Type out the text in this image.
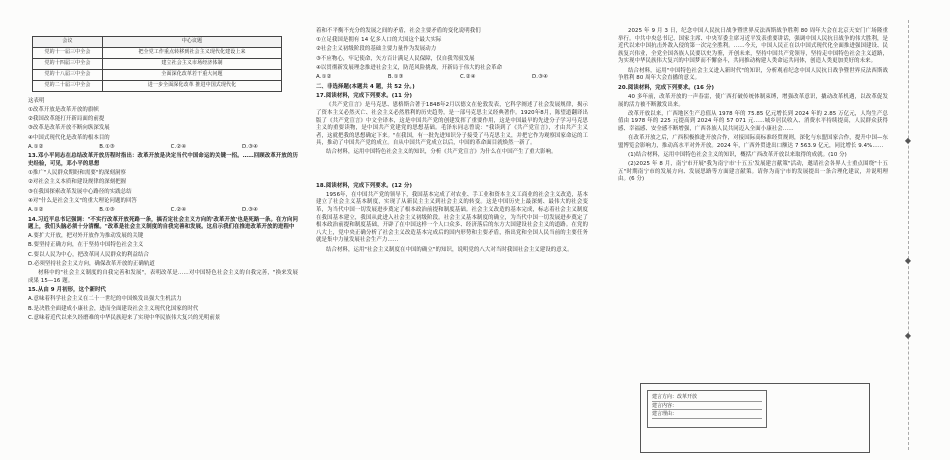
会议	中心议题
党的十一届三中全会	把全党工作重点转移到社会主义现代化建设上来
党的十四届三中全会	建立社会主义市场经济体制
党的十八届三中全会	全面深化改革若干重大问题
党的二十届三中全会	进一步全面深化改革 推进中国式现代化
这表明
①改革开放是改革开放的旗帜
②我国改革能打开新局面的前提
③改革是改革开放不断向纵深发展
④中国式现代化是改革的根本目的
A.①②	B.①③	C.②④	D.③④
13.邓小平同志在总结改革开放历程时指出：改革开放是决定当代中国命运的关键一招。……回顾改革开放的历史经验，可见，邓小平的思想
①推广"人民群众期盼和需要"的深刻洞察
②对社会主义本质和建设规律的深刻把握
③在我国探索改革发展中心路径的实践总结
④对"什么是社会主义"的重大理论问题的回答
A.①②	B.①③	C.②④	D.③④
14.习近平总书记强调："不实行改革开放死路一条，搞否定社会主义方向的'改革开放'也是死路一条。在方向问题上，我们头脑必须十分清醒。"改革是社会主义制度的自我完善和发展。这启示我们在推进改革开放的进程中
A.要扩大开放，把对外开放作为推动发展的关键
B.要坚持正确方向，在于坚持中国特色社会主义
C.要以人民为中心，把改革同人民群众的利益结合
D.必须坚持社会主义方向，确保改革开放的正确轨道
材料中的"社会主义制度的自我完善和发展"，表明改革是……对中国特色社会主义的自我完善，"换来发展成果 15—16 题。
15.从由 9 月初形，这个新时代
A.意味着科学社会主义在二十一世纪的中国焕发出强大生机活力
B.是决胜全面建成小康社会，进而全面建设社会主义现代化国家的时代
C.意味着近代以来久经磨难的中华民族迎来了实现中华民族伟大复兴的光明前景
着和不平衡不充分的发展之间的矛盾，社会主要矛盾的变化说明我们
①立足我国是拥有 14 亿多人口的大国这个最大实际
②社会主义初级阶段的基础主要力量作为发展动力
③不应物心，牢记使命，矢方百计满足人民保障，仅自我驾驭发展
④以贯彻新发展理念推进社会主义，防范风险挑战，开新局于伟大的社会革命
A.①②	B.①③	C.②④	D.③④
二、非选择题(本题共 4 题，共 52 分。)
17.阅读材料，完成下列要求。(11 分)
《共产党宣言》是马克思、恩格斯合著于1848年2月以德文在伦敦发表，它科学阐述了社会发展规律，揭示了资本主义必然灭亡、社会主义必然胜利的历史趋势，是一部马克思主义经典著作。1920年8月，陈望道翻译出版了《共产党宣言》中文全译本，这是中国共产党的创建发挥了重要作用，这是中国最早的先进分子学习马克思主义的重要读物，是中国共产党建党的思想基础。毛泽东同志曾说："我读到了《共产党宣言》，才由共产主义者，这就把我的思想确定下来。"在我国，有一批先进知识分子接受了马克思主义，并把它作为观察国家命运的工具，推动了中国共产党的成立。自从中国共产党成立以后，中国的革命面目就焕然一新了。
结合材料，运用中国特色社会主义的知识，分析《共产党宣言》为什么在中国产生了重大影响。
18.阅读材料，完成下列要求。(12 分)
1956年，在中国共产党的领导下，我国基本完成了对农业、手工业和资本主义工商业的社会主义改造，基本建立了社会主义基本制度，实现了从新民主主义到社会主义的转变。这是中国历史上最深刻、最伟大的社会变革，为当代中国一切发展进步奠定了根本政治前提和制度基础。社会主义改造的基本完成，标志着社会主义制度在我国基本建立，我国从此进入社会主义初级阶段。社会主义基本制度的确立，为当代中国一切发展进步奠定了根本政治前提和制度基础，开辟了在中国这样一个人口众多、经济落后的东方大国建设社会主义的道路。在党的八大上，党中央正确分析了社会主义改造基本完成后的国内形势和主要矛盾，指出党和全国人民当前的主要任务就是集中力量发展社会生产力……
结合材料，运用"社会主义制度在中国的确立"的知识，说明党的八大对当时我国社会主义建设的意义。
2025 年 9 月 3 日，纪念中国人民抗日战争暨世界反法西斯战争胜利 80 周年大会在北京天安门广场隆重举行。中共中央总书记、国家主席、中央军委主席习近平发表重要讲话，强调中国人民抗日战争的伟大胜利，是近代以来中国抗击外敌入侵的第一次完全胜利。……今天，中国人民正在以中国式现代化全面推进强国建设、民族复兴伟业，全党全国各族人民要以史为鉴，开创未来，坚持中国共产党领导，坚持走中国特色社会主义道路，为实现中华民族伟大复兴的中国梦而不懈奋斗，共同推动构建人类命运共同体，创造人类更加美好的未来。
结合材料，运用"中国特色社会主义进入新时代"的知识，分析观看纪念中国人民抗日战争暨世界反法西斯战争胜利 80 周年大会直播的意义。
20.阅读材料，完成下列要求。(16 分)
40 多年前，改革开放的一声春雷，使广西打破传统体制束缚，增强改革意识，撬动改革机遇，以改革促发展的活力被不断激发出来。
改革开放以来，广西地区生产总值从 1978 年的 75.85 亿元增长到 2024 年的 2.85 万亿元，人均生产总值由 1978 年的 225 元提高到 2024 年的 57 071 元……城乡居民收入、消费水平持续提高，人民群众获得感、幸福感、安全感不断增强，广西各族人民共同迈入全面小康社会……
在改革开放之后，广西积极推进开放合作，对接国际高标准经贸规则，深化与东盟国家合作，提升中国—东盟博览会影响力，推动高水平对外开放。2024 年，广西外贸进出口额达 7 563.9 亿元，同比增长 9.4%……
(1)结合材料，运用中国特色社会主义的知识，概括广西改革开放以来取得的成就。(10 分)
(2)2025 年 8 月，南宁市开展"我为南宁市'十五五'发展建言献策"活动，邀请社会各界人士重点围绕"十五五"时期南宁市的发展方向、发展思路等方面建言献策。请你为南宁市的发展提出一条合理化建议，并说明理由。(6 分)
建言方向：改革开放
建言内容：
建言理由：
◆
◆
◆
